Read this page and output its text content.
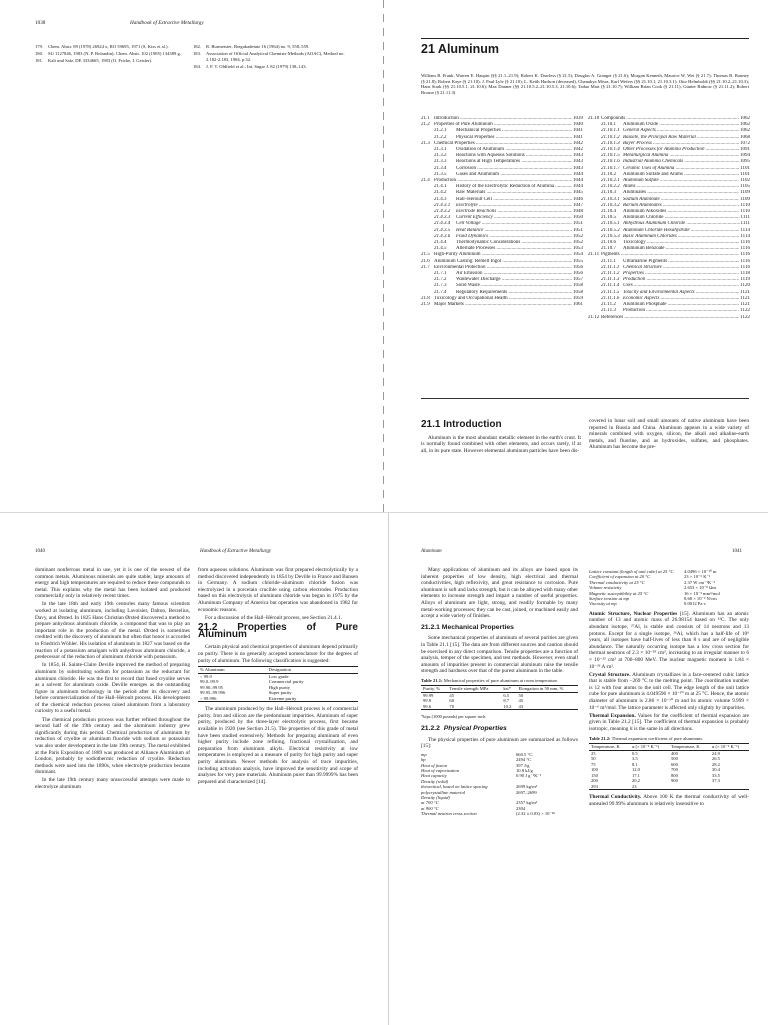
1038	Handbook of Extractive Metallurgy
179.	Chem. Abstr. 89 (1978) 26924 x; RO 59695, 1971 (S. Kiss et al.).
180.	SU 1127846, 1983 (N. P. Bolandin); Chem. Abstr. 102 (1985) 134389 g.
181.	Kali und Salz, DE 3334665, 1983 (O. Fricke, I. Geisler).
182.	R. Burmeister, Bergakademie 16 (1964) no. 9, 558–559.
183.	Association of Official Analytical Chemists-Methods (AOAC), Method no. 2.182-2.183, 1984, p.32.
184.	J. F. T. Oldfield et al., Int. Sugar J. 82 (1979) 138–143.
21 Aluminum
William B. Frank, Warren E. Haupin (§§ 21.1–21.9); Robert K. Dawless (§ 21.5); Douglas A. Granger (§ 21.6); Morgan Kenneth, Maurice W. Wei (§ 21.7); Thomas B. Bonney (§ 21.8); Robert Kaye (§ 21.10); J. Paul Lyle (§ 21.10); L. Keith Hudson (deceased), Chanakya Misra, Karl Wefers (§§ 21.10.1, 21.10.3.1); Otto Helmboldt (§§ 21.10.2–21.10.3); Hans Stark (§§ 21.10.5.1, 21.10.6); Max Danner (§§ 21.10.5.2–21.10.5.3, 21.10.6); Tadao Mari (§ 21.10.7); William Brian Cook (§ 21.11); Günter Ridnow (§ 21.11.2); Robert Brouse (§ 21.11.3)
21.1 Introduction .....	1039
21.2 Properties of Pure Aluminum .....	1040
21.2.1	Mechanical Properties .....	1041
21.2.2	Physical Properties .....	1041
21.3 Chemical Properties .....	1042
21.3.1	Oxidation of Aluminum .....	1042
21.3.2	Reactions with Aqueous Solutions .....	1043
21.3.3	Reactions at High Temperatures .....	1043
21.3.4	Corrosion .....	1043
21.3.5	Gases and Aluminum .....	1044
21.4 Production .....	1044
21.4.1	History of the Electrolytic Reduction of Alumina .....	1044
21.4.2	Raw Materials .....	1045
21.4.3	Hall–Héroult Cell .....	1046
21.4.3.1	Electrolyte .....	1047
21.4.3.2	Electrode Reactions .....	1048
21.4.3.3	Current Efficiency .....	1050
21.4.3.4	Cell Voltage .....	1051
21.4.3.5	Heat Balance .....	1051
21.4.3.6	Fluid Dynamics .....	1052
21.4.4	Thermodynamic Considerations .....	1052
21.4.5	Alternate Processes .....	1053
21.5 High-Purity Aluminum .....	1054
21.6 Aluminum Casting: Remelt Ingot .....	1055
21.7 Environmental Protection .....	1056
21.7.1	Air Emission .....	1056
21.7.2	Wastewater Discharge .....	1057
21.7.3	Solid Waste .....	1058
21.7.4	Regulatory Requirements .....	1058
21.8 Toxicology and Occupational Health .....	1059
21.9 Major Markets .....	1061
21.10 Compounds .....	1062
21.10.1	Aluminum Oxide .....	1062
21.10.1.1 General Aspects .....	1062
21.10.1.2 Bauxite, the Principal Raw Material .....	1068
21.10.1.3 Bayer Process .....	1072
21.10.1.4 Other Processes for Alumina Production .....	1091
21.10.1.5 Metallurgical Alumina .....	1094
21.10.1.6 Industrial Alumina Chemicals .....	1095
21.10.1.7 Ceramic Uses of Alumina .....	1101
21.10.2	Aluminum Sulfate and Alums .....	1101
21.10.2.1 Aluminum Sulfate .....	1102
21.10.2.2 Alums .....	1105
21.10.3	Aluminates .....	1109
21.10.3.1 Sodium Aluminate .....	1109
21.10.3.2 Barium Aluminates .....	1110
21.10.4	Aluminum Alkoxides .....	1110
21.10.5	Aluminum Chloride .....	1111
21.10.5.1 Anhydrous Aluminum Chloride .....	1111
21.10.5.2 Aluminum Chloride Hexahydrate .....	1114
21.10.5.3 Basic Aluminum Chlorides .....	1114
21.10.6	Toxicology .....	1116
21.10.7	Aluminum Benzoate .....	1116
21.11 Pigments .....	1116
21.11.1	Ultramarine Pigments .....	1116
21.11.1.1 Chemical Structure .....	1116
21.11.1.2 Properties .....	1118
21.11.1.3 Production .....	1119
21.11.1.4 Uses .....	1120
21.11.1.5 Toxicity and Environmental Aspects .....	1121
21.11.1.6 Economic Aspects .....	1121
21.11.2	Aluminum Phosphate .....	1121
21.11.3	Production .....	1122
21.12 References .....	1122
21.1 Introduction

Aluminum is the most abundant metallic element in the earth's crust. It is normally found combined with other elements, and occurs rarely, if at all, in its pure state. However elemental aluminum particles have been dis-

covered in lunar soil and small amounts of native aluminum have been reported in Russia and China. Aluminum appears in a wide variety of minerals combined with oxygen, silicon, the alkali and alkaline-earth metals, and fluorine, and as hydroxides, sulfates, and phosphates. Aluminum has become the pre-

1040	Handbook of Extractive Metallurgy	Aluminum	1041

dominant nonferrous metal in use, yet it is one of the newest of the common metals. Aluminous minerals are quite stable; large amounts of energy and high temperatures are required to reduce these compounds to metal. This explains why the metal has been isolated and produced commercially only in relatively recent times.

In the late 18th and early 19th centuries many famous scientists worked at isolating aluminum, including Lavoisier, Dalton, Berzelius, Davy, and Ørsted. In 1825 Hans Christian Ørsted discovered a method to prepare anhydrous aluminum chloride, a compound that was to play an important role in the production of the metal. Ørsted is sometimes credited with the discovery of aluminum but often that honor is accorded to Friedrich Wöhler. His isolation of aluminum in 1827 was based on the reaction of a potassium amalgam with anhydrous aluminum chloride, a predecessor of the reduction of aluminum chloride with potassium.

In 1854, H. Sainte-Claire Deville improved the method of preparing aluminum by substituting sodium for potassium as the reductant for aluminum chloride. He was the first to record that fused cryolite serves as a solvent for aluminum oxide. Deville emerges as the outstanding figure in aluminum technology in the period after its discovery and before commercialization of the Hall–Héroult process. His development of the chemical reduction process raised aluminum from a laboratory curiosity to a useful metal.

The chemical production process was further refined throughout the second half of the 19th century and the aluminum industry grew significantly during this period. Chemical production of aluminum by reduction of cryolite or aluminum fluoride with sodium or potassium was also under development in the late 19th century. The metal exhibited at the Paris Exposition of 1889 was produced at Alliance Aluminium of London, probably by sodiothermic reduction of cryolite. Reduction methods were used into the 1890s, when electrolyte production became dominant.

In the late 19th century many unsuccessful attempts were made to electrolyze aluminum

from aqueous solutions. Aluminum was first prepared electrolytically by a method discovered independently in 1854 by Deville in France and Bunsen in Germany. A sodium chloride–aluminum chloride fusion was electrolyzed in a porcelain crucible using carbon electrodes. Production based on this electrolysis of aluminum chloride was begun in 1975 by the Aluminum Company of America but operation was abandoned in 1982 for economic reasons.

For a discussion of the Hall–Héroult process, see Section 21.4.1.

21.2 Properties of Pure Aluminum

Certain physical and chemical properties of aluminum depend primarily on purity. There is no generally accepted nomenclature for the degrees of purity of aluminum. The following classification is suggested:

% Aluminum	Designation
< 99.0	Low grade
99.0–99.9	Commercial purity
99.90–99.95	High purity
99.95–99.996	Super purity
> 99.996	Extreme purity

The aluminum produced by the Hall–Héroult process is of commercial purity. Iron and silicon are the predominant impurities. Aluminum of super purity, produced by the three-layer electrolytic process, first became available in 1920 (see Section 21.5). The properties of this grade of metal have been studied extensively. Methods for preparing aluminum of even higher purity include zone refining, fractional crystallization, and preparation from aluminum alkyls. Electrical resistivity at low temperatures is employed as a measure of purity for high purity and super purity aluminum. Newer methods for analysis of trace impurities, including activation analysis, have improved the sensitivity and scope of analyses for very pure materials. Aluminum purer than 99.9999% has been prepared and characterized [14].

Many applications of aluminum and its alloys are based upon its inherent properties of low density, high electrical and thermal conductivities, high reflexivity, and great resistance to corrosion. Pure aluminum is soft and lacks strength, but it can be alloyed with many other elements to increase strength and impart a number of useful properties. Alloys of aluminum are light, strong, and readily formable by many metal-working processes; they can be cast, joined, or machined easily and accept a wide variety of finishes.

21.2.1 Mechanical Properties

Some mechanical properties of aluminum of several purities are given in Table 21.1 [15]. The data are from different sources and caution should be exercised in any direct comparison. Tensile properties are a function of analysis, temper of the specimen, and test methods. However, even small amounts of impurities present in commercial aluminum raise the tensile strength and hardness over that of the purest aluminum in the table.

Table 21.1: Mechanical properties of pure aluminum at room temperature.

Purity, %	Tensile strength MPa	ksi*	Elongation in 50 mm, %
99.99	45	6.5	50
99.8	60	8.7	45
99.6	70	10.2	43

*kips (1000 pounds) per square inch.

21.2.2 Physical Properties

The physical properties of pure aluminum are summarized as follows [15]:

mp	660.5 °C
bp	2494 °C
Heat of fusion	397 J/g
Heat of vaporization	10.8 kJ/g
Heat capacity	0.90 J g⁻¹K⁻¹
Density (solid)
theoretical, based on lattice spacing	2699 kg/m³
polycrystalline material	2697–2699
Density (liquid)
at 700 °C	2357 kg/m³
at 900 °C	2304
Thermal neutron cross section	(2.32 ± 0.03) × 10⁻²⁸
Lattice constant (length of unit cube) at 25 °C	4.0496 × 10⁻¹⁰ m
Coefficient of expansion at 20 °C	23 × 10⁻⁶ K⁻¹
Thermal conductivity at 25 °C	2.37 W cm⁻¹K⁻¹
Volume resistivity	2.653 × 10⁻⁸ Ωm
Magnetic susceptibility at 25 °C	16 × 10⁻³ mm³/mol
Surface tension at mp	8.68 × 10⁻³ N/cm
Viscosity at mp	0.0012 Pa·s

Atomic Structure, Nuclear Properties [15]. Aluminum has an atomic number of 13 and atomic mass of 26.98154 based on ¹²C. The only abundant isotope, ²⁷Al, is stable and consists of 14 neutrons and 13 protons. Except for a single isotope, ²⁶Al, which has a half-life of 10⁶ years, all isotopes have half-lives of less than 8 s and are of negligible abundance. The naturally occurring isotope has a low cross section for thermal neutrons of 2.3 × 10⁻²⁹ cm², increasing to an irregular manner to 6 × 10⁻²⁵ cm² at 700–800 MeV. The nuclear magnetic moment is 1.84 × 10⁻²⁶ A·m².

Crystal Structure. Aluminum crystallizes in a face-centered cubic lattice that is stable from −269 °C to the melting point. The coordination number is 12 with four atoms to the unit cell. The edge length of the unit lattice cube for pure aluminum is 4.049596 × 10⁻¹⁰ m at 25 °C. Hence, the atomic diameter of aluminum is 2.86 × 10⁻¹⁰ m and its atomic volume 9.999 × 10⁻⁶ m³/mol. The lattice parameter is affected only slightly by impurities.

Thermal Expansion. Values for the coefficient of thermal expansion are given in Table 21.2 [15]. The coefficient of thermal expansion is probably isotropic, meaning it is the same in all directions.

Table 21.2: Thermal expansion coefficient of pure aluminum.

Temperature, K	α (× 10⁻⁶ K⁻¹)	Temperature, K	α (× 10⁻⁶ K⁻¹)
25	0.5	400	24.9
50	3.5	500	26.5
75	8.1	600	28.2
100	12.0	700	30.4
150	17.1	800	33.5
200	20.2	900	37.3
293	23		

Thermal Conductivity. Above 100 K the thermal conductivity of well-annealed 99.99% aluminum is relatively insensitive to
